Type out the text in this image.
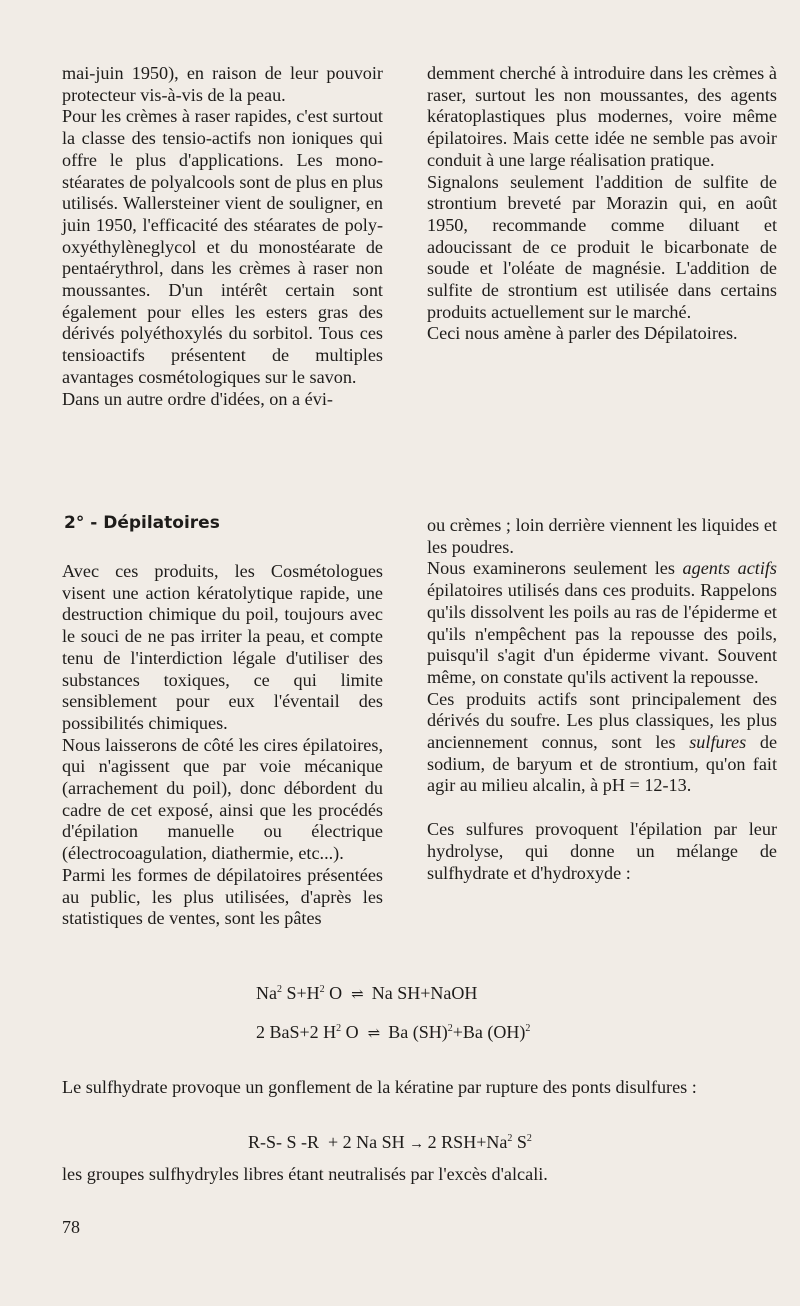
mai-juin 1950), en raison de leur pouvoir protecteur vis-à-vis de la peau.

Pour les crèmes à raser rapides, c'est surtout la classe des tensio-actifs non ioniques qui offre le plus d'applications. Les mono-stéarates de polyalcools sont de plus en plus utilisés. Wallersteiner vient de souligner, en juin 1950, l'efficacité des stéarates de poly-oxyéthylèneglycol et du monostéarate de pentaérythrol, dans les crèmes à raser non moussantes. D'un intérêt certain sont également pour elles les esters gras des dérivés polyéthoxylés du sorbitol. Tous ces tensioactifs présentent de multiples avantages cosmétologiques sur le savon.

Dans un autre ordre d'idées, on a évi-

demment cherché à introduire dans les crèmes à raser, surtout les non moussantes, des agents kératoplastiques plus modernes, voire même épilatoires. Mais cette idée ne semble pas avoir conduit à une large réalisation pratique.

Signalons seulement l'addition de sulfite de strontium breveté par Morazin qui, en août 1950, recommande comme diluant et adoucissant de ce produit le bicarbonate de soude et l'oléate de magnésie. L'addition de sulfite de strontium est utilisée dans certains produits actuellement sur le marché.

Ceci nous amène à parler des Dépilatoires.

2° - Dépilatoires

Avec ces produits, les Cosmétologues visent une action kératolytique rapide, une destruction chimique du poil, toujours avec le souci de ne pas irriter la peau, et compte tenu de l'interdiction légale d'utiliser des substances toxiques, ce qui limite sensiblement pour eux l'éventail des possibilités chimiques.

Nous laisserons de côté les cires épilatoires, qui n'agissent que par voie mécanique (arrachement du poil), donc débordent du cadre de cet exposé, ainsi que les procédés d'épilation manuelle ou électrique (électrocoagulation, diathermie, etc...).

Parmi les formes de dépilatoires présentées au public, les plus utilisées, d'après les statistiques de ventes, sont les pâtes

ou crèmes ; loin derrière viennent les liquides et les poudres.

Nous examinerons seulement les agents actifs épilatoires utilisés dans ces produits. Rappelons qu'ils dissolvent les poils au ras de l'épiderme et qu'ils n'empêchent pas la repousse des poils, puisqu'il s'agit d'un épiderme vivant. Souvent même, on constate qu'ils activent la repousse.

Ces produits actifs sont principalement des dérivés du soufre. Les plus classiques, les plus anciennement connus, sont les sulfures de sodium, de baryum et de strontium, qu'on fait agir au milieu alcalin, à pH = 12-13.

Ces sulfures provoquent l'épilation par leur hydrolyse, qui donne un mélange de sulfhydrate et d'hydroxyde :

Na$^2$ $S+H^2$ O ⇌ Na SH+NaOH
2 BaS+2 $H^2$ O ⇌ Ba (SH)$^2$+Ba (OH)$^2$
Le sulfhydrate provoque un gonflement de la kératine par rupture des ponts disulfures :
R-S- S -R  + 2 Na SH → 2 $RSH+Na^2$ $S^2$
les groupes sulfhydryles libres étant neutralisés par l'excès d'alcali.
78
